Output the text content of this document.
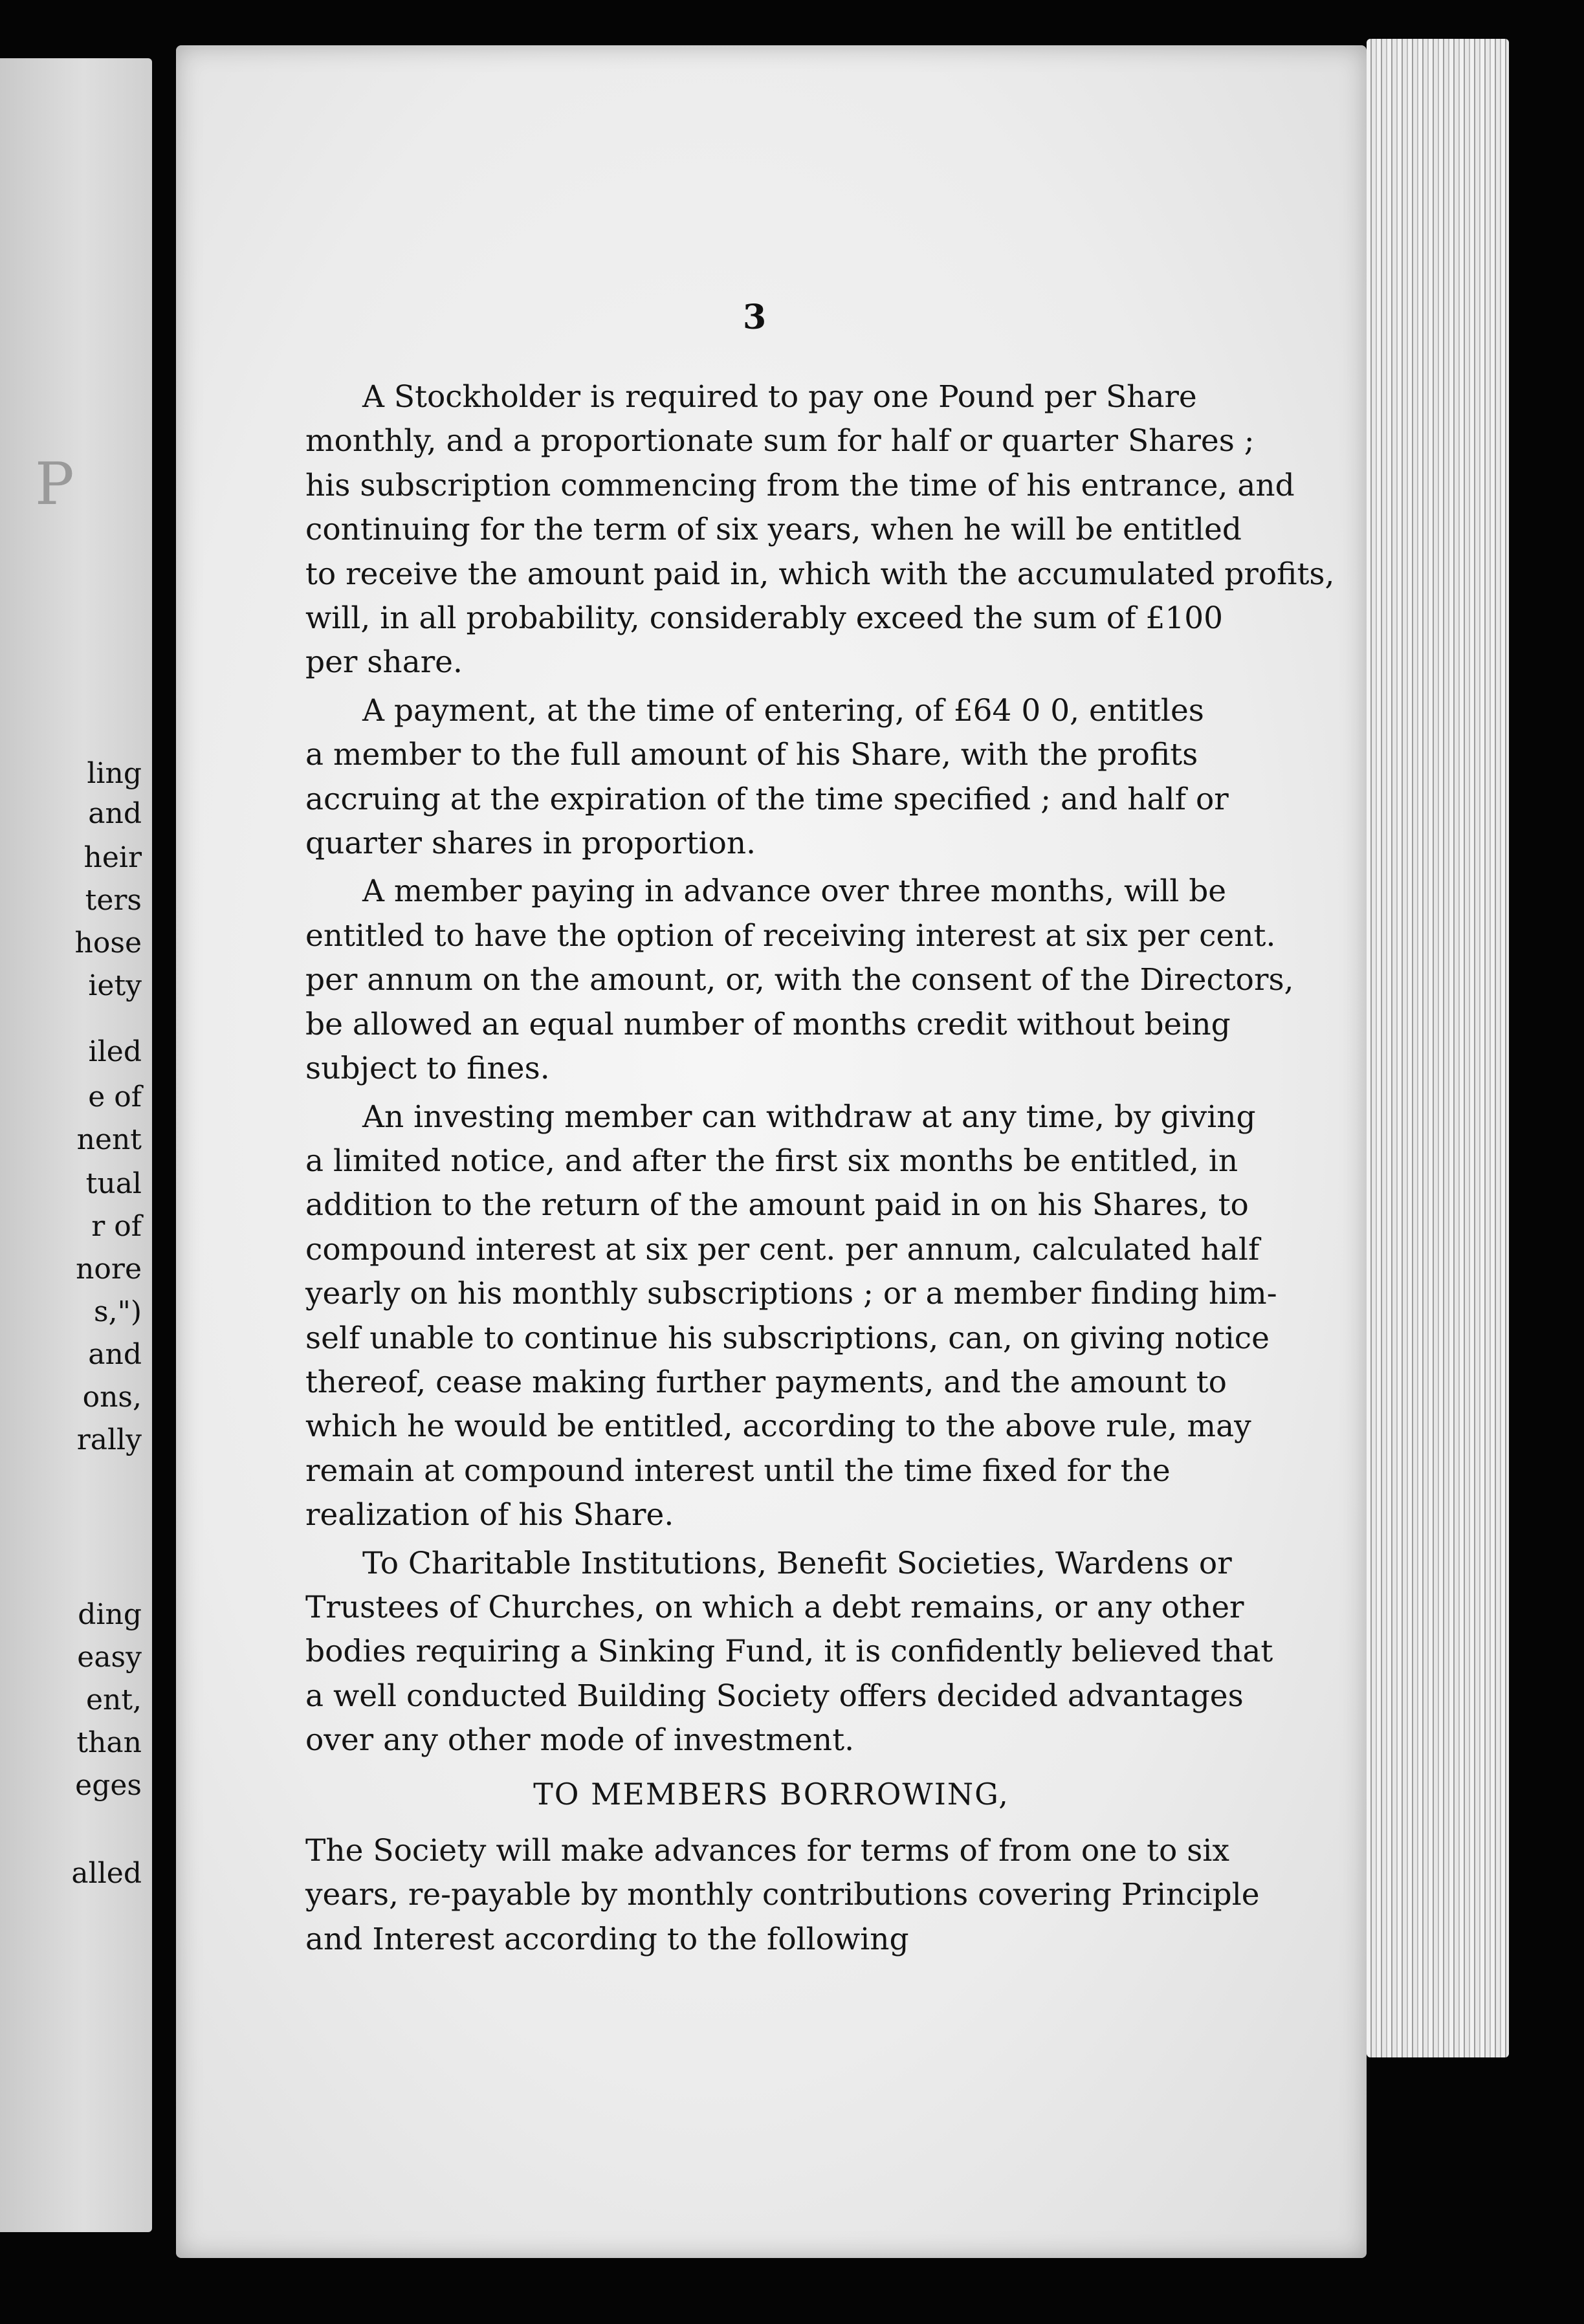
P
ling
and
heir
ters
hose
iety
iled
e of
nent
tual
r of
nore
s,")
and
ons,
rally
ding
easy
ent,
than
eges
alled
3

A Stockholder is required to pay one Pound per Share
monthly, and a proportionate sum for half or quarter Shares ;
his subscription commencing from the time of his entrance, and
continuing for the term of six years, when he will be entitled
to receive the amount paid in, which with the accumulated profits,
will, in all probability, considerably exceed the sum of £100
per share.

A payment, at the time of entering, of £64 0 0, entitles
a member to the full amount of his Share, with the profits
accruing at the expiration of the time specified ; and half or
quarter shares in proportion.

A member paying in advance over three months, will be
entitled to have the option of receiving interest at six per cent.
per annum on the amount, or, with the consent of the Directors,
be allowed an equal number of months credit without being
subject to fines.

An investing member can withdraw at any time, by giving
a limited notice, and after the first six months be entitled, in
addition to the return of the amount paid in on his Shares, to
compound interest at six per cent. per annum, calculated half
yearly on his monthly subscriptions ; or a member finding him-
self unable to continue his subscriptions, can, on giving notice
thereof, cease making further payments, and the amount to
which he would be entitled, according to the above rule, may
remain at compound interest until the time fixed for the
realization of his Share.

To Charitable Institutions, Benefit Societies, Wardens or
Trustees of Churches, on which a debt remains, or any other
bodies requiring a Sinking Fund, it is confidently believed that
a well conducted Building Society offers decided advantages
over any other mode of investment.

TO MEMBERS BORROWING,

The Society will make advances for terms of from one to six
years, re-payable by monthly contributions covering Principle
and Interest according to the following
